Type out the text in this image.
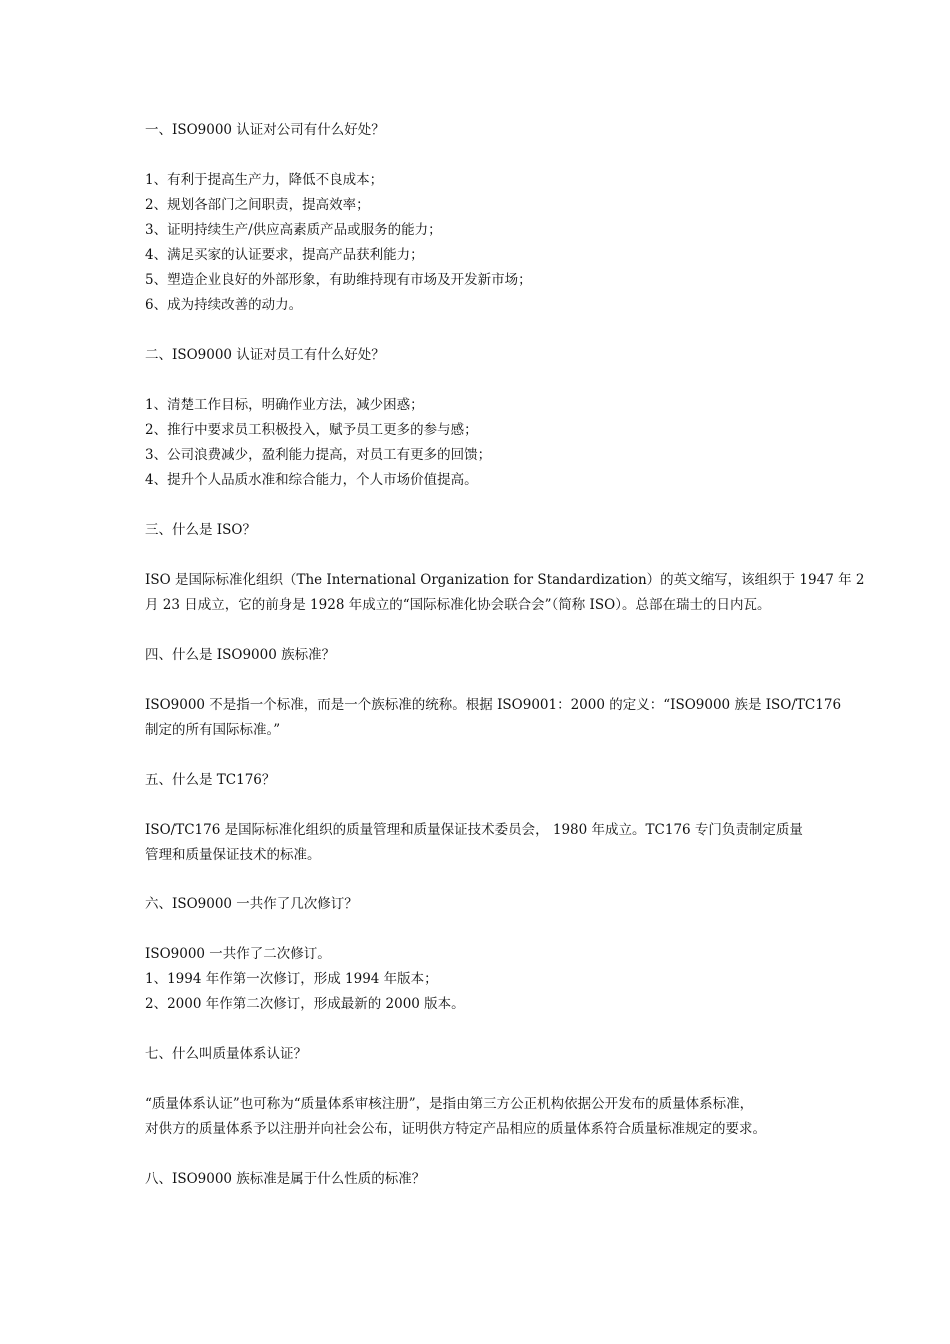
一、ISO9000 认证对公司有什么好处？
1、有利于提高生产力，降低不良成本；
2、规划各部门之间职责，提高效率；
3、证明持续生产/供应高素质产品或服务的能力；
4、满足买家的认证要求，提高产品获利能力；
5、塑造企业良好的外部形象，有助维持现有市场及开发新市场；
6、成为持续改善的动力。
二、ISO9000 认证对员工有什么好处？
1、清楚工作目标，明确作业方法，减少困惑；
2、推行中要求员工积极投入，赋予员工更多的参与感；
3、公司浪费减少，盈利能力提高，对员工有更多的回馈；
4、提升个人品质水准和综合能力，个人市场价值提高。
三、什么是 ISO？
ISO 是国际标准化组织（The International Organization for Standardization）的英文缩写，该组织于 1947 年 2
月 23 日成立，它的前身是 1928 年成立的“国际标准化协会联合会”（简称 ISO）。总部在瑞士的日内瓦。
四、什么是 ISO9000 族标准？
ISO9000 不是指一个标准，而是一个族标准的统称。根据 ISO9001：2000 的定义：“ISO9000 族是 ISO/TC176
制定的所有国际标准。”
五、什么是 TC176？
ISO/TC176 是国际标准化组织的质量管理和质量保证技术委员会， 1980 年成立。TC176 专门负责制定质量
管理和质量保证技术的标准。
六、ISO9000 一共作了几次修订？
ISO9000 一共作了二次修订。
1、1994 年作第一次修订，形成 1994 年版本；
2、2000 年作第二次修订，形成最新的 2000 版本。
七、什么叫质量体系认证？
“质量体系认证”也可称为“质量体系审核注册”，是指由第三方公正机构依据公开发布的质量体系标准，
对供方的质量体系予以注册并向社会公布，证明供方特定产品相应的质量体系符合质量标准规定的要求。
八、ISO9000 族标准是属于什么性质的标准？
